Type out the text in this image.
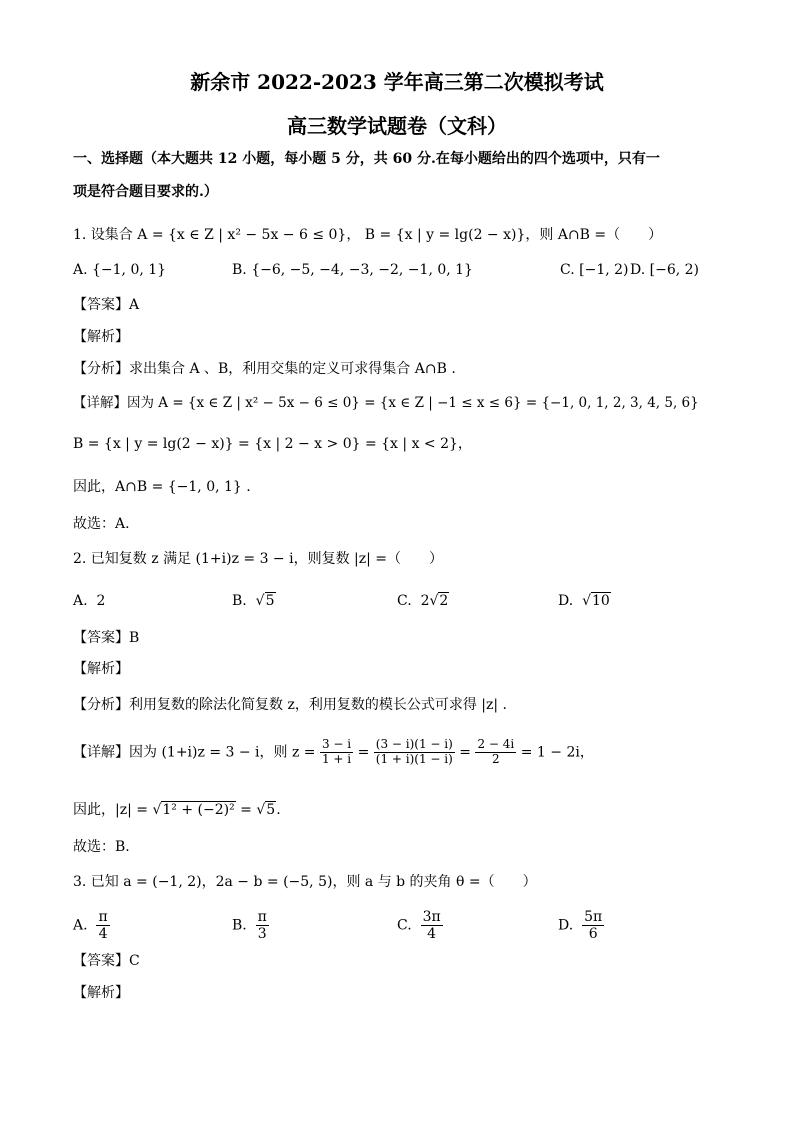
新余市 2022-2023 学年高三第二次模拟考试
高三数学试题卷（文科）
一、选择题（本大题共 12 小题，每小题 5 分，共 60 分.在每小题给出的四个选项中，只有一
项是符合题目要求的.）
1. 设集合 A = {x ∈ Z | x² − 5x − 6 ≤ 0}， B = {x | y = lg(2 − x)}，则 A∩B =（　　）
A. {−1, 0, 1}	B. {−6, −5, −4, −3, −2, −1, 0, 1}	C. [−1, 2) D. [−6, 2)
【答案】A
【解析】
【分析】求出集合 A 、B，利用交集的定义可求得集合 A∩B .
【详解】因为 A = {x ∈ Z | x² − 5x − 6 ≤ 0} = {x ∈ Z | −1 ≤ x ≤ 6} = {−1, 0, 1, 2, 3, 4, 5, 6}
B = {x | y = lg(2 − x)} = {x | 2 − x > 0} = {x | x < 2}，
因此，A∩B = {−1, 0, 1} .
故选：A.
2. 已知复数 z 满足 (1+i)z = 3 − i，则复数 |z| =（　　）
A. 2	B. √5	C. 2√2	D. √10
【答案】B
【解析】
【分析】利用复数的除法化简复数 z，利用复数的模长公式可求得 |z| .
【详解】因为 (1+i)z = 3 − i，则 $z = \frac{3 - i}{1 + i} = \frac{(3 - i)(1 - i)}{(1 + i)(1 - i)} = \frac{2 - 4i}{2} = 1 - 2i$，
因此，|z| = √1² + (−2)² = √5.
故选：B.
3. 已知 a = (−1, 2)，2a − b = (−5, 5)，则 a 与 b 的夹角 θ =（　　）
A. $\frac{\pi}{4}$	B. $\frac{\pi}{3}$	C. $\frac{3\pi}{4}$	D. $\frac{5\pi}{6}$
【答案】C
【解析】
